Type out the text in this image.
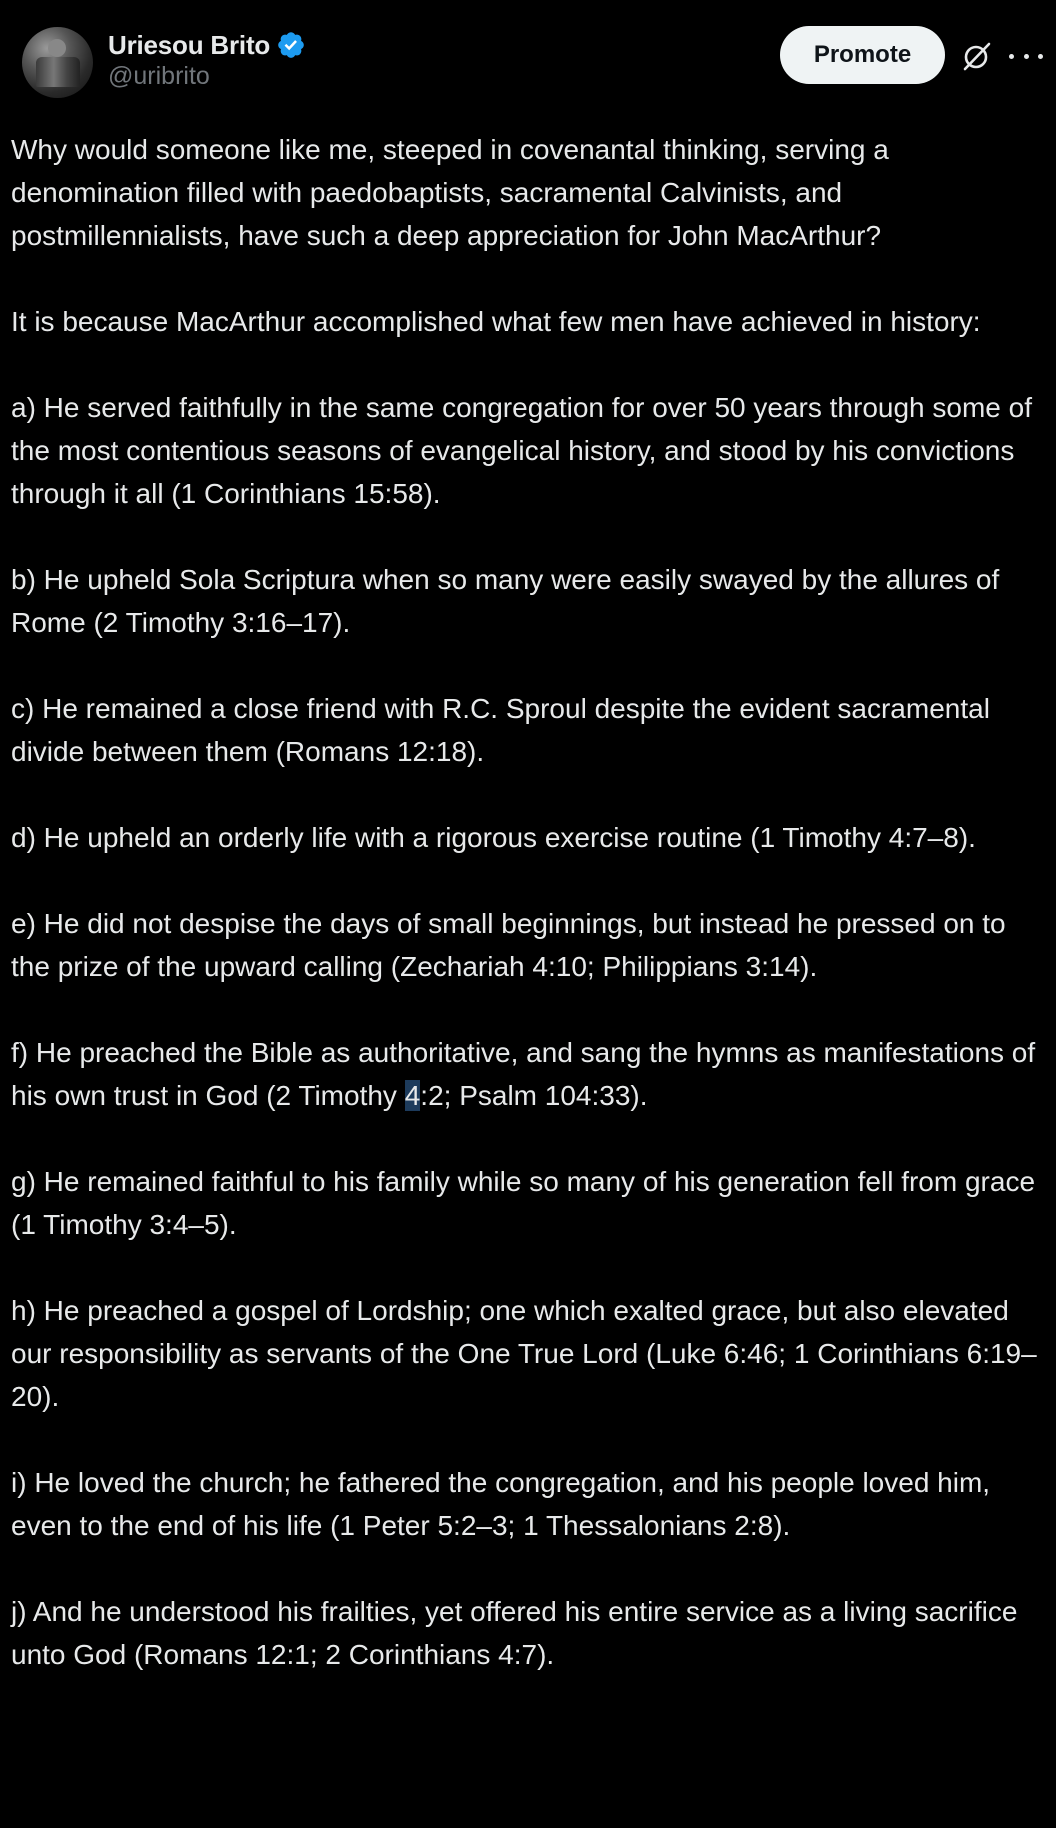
Uriesou Brito
@uribrito
Promote

Why would someone like me, steeped in covenantal thinking, serving a denomination filled with paedobaptists, sacramental Calvinists, and postmillennialists, have such a deep appreciation for John MacArthur?

It is because MacArthur accomplished what few men have achieved in history:

a) He served faithfully in the same congregation for over 50 years through some of the most contentious seasons of evangelical history, and stood by his convictions through it all (1 Corinthians 15:58).

b) He upheld Sola Scriptura when so many were easily swayed by the allures of Rome (2 Timothy 3:16–17).

c) He remained a close friend with R.C. Sproul despite the evident sacramental divide between them (Romans 12:18).

d) He upheld an orderly life with a rigorous exercise routine (1 Timothy 4:7–8).

e) He did not despise the days of small beginnings, but instead he pressed on to the prize of the upward calling (Zechariah 4:10; Philippians 3:14).

f) He preached the Bible as authoritative, and sang the hymns as manifestations of his own trust in God (2 Timothy 4:2; Psalm 104:33).

g) He remained faithful to his family while so many of his generation fell from grace (1 Timothy 3:4–5).

h) He preached a gospel of Lordship; one which exalted grace, but also elevated our responsibility as servants of the One True Lord (Luke 6:46; 1 Corinthians 6:19–20).

i) He loved the church; he fathered the congregation, and his people loved him, even to the end of his life (1 Peter 5:2–3; 1 Thessalonians 2:8).

j) And he understood his frailties, yet offered his entire service as a living sacrifice unto God (Romans 12:1; 2 Corinthians 4:7).
